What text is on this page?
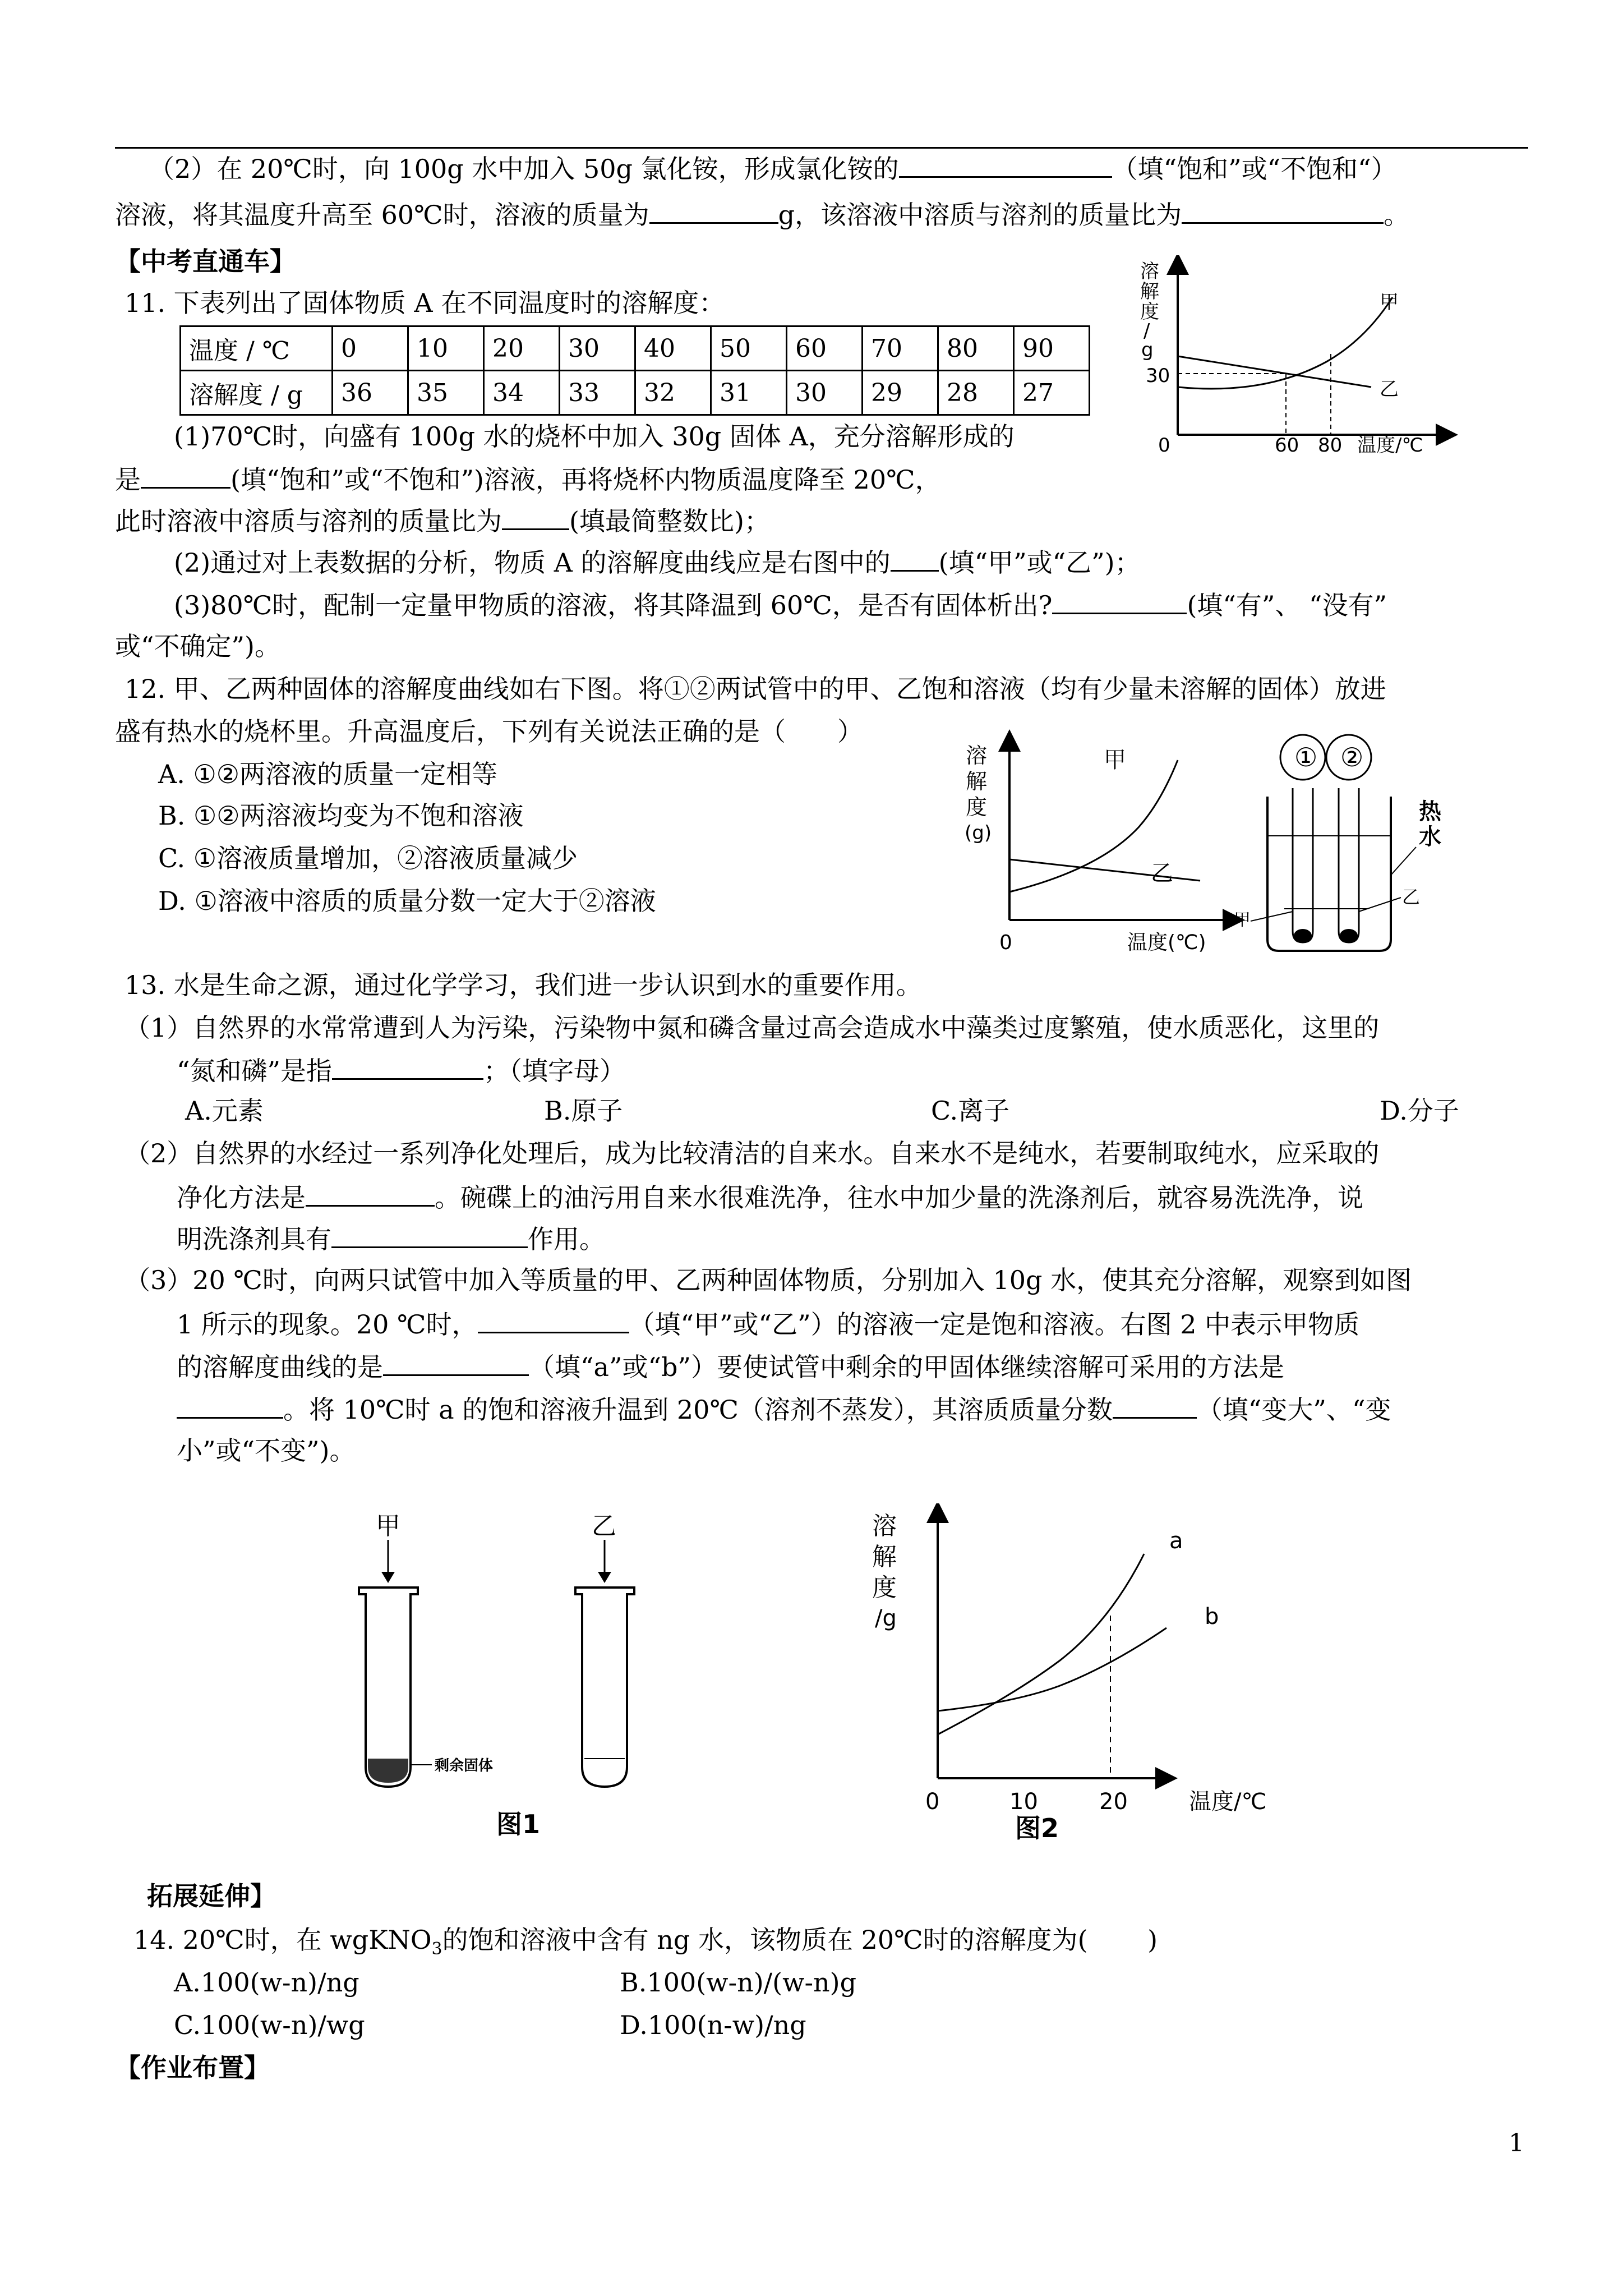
（2）在 20℃时，向 100g 水中加入 50g 氯化铵，形成氯化铵的	（填“饱和”或“不饱和“）
溶液，将其温度升高至 60℃时，溶液的质量为	g，该溶液中溶质与溶剂的质量比为	。
【中考直通车】
11. 下表列出了固体物质 A 在不同温度时的溶解度：
温度 / ℃	0	10	20	30	40	50	60	70	80	90
溶解度 / g	36	35	34	33	32	31	30	29	28	27
(1)70℃时，向盛有 100g 水的烧杯中加入 30g 固体 A，充分溶解形成的
是	(填“饱和”或“不饱和”)溶液，再将烧杯内物质温度降至 20℃，
此时溶液中溶质与溶剂的质量比为	(填最简整数比)；
(2)通过对上表数据的分析，物质 A 的溶解度曲线应是右图中的 (填“甲”或“乙”)；
(3)80℃时，配制一定量甲物质的溶液，将其降温到 60℃，是否有固体析出?	(填“有”、 “没有”
或“不确定”)。
溶
解
度
/
g
30
0	60 80 温度/℃
甲
乙
12. 甲、乙两种固体的溶解度曲线如右下图。将①②两试管中的甲、乙饱和溶液（均有少量未溶解的固体）放进
盛有热水的烧杯里。升高温度后，下列有关说法正确的是（　　）
A. ①②两溶液的质量一定相等
B. ①②两溶液均变为不饱和溶液
C. ①溶液质量增加，②溶液质量减少
D. ①溶液中溶质的质量分数一定大于②溶液
溶
解
度
(g)
0	温度(℃)
甲
乙
① ②
热
水
甲
乙
13. 水是生命之源，通过化学学习，我们进一步认识到水的重要作用。
（1）自然界的水常常遭到人为污染，污染物中氮和磷含量过高会造成水中藻类过度繁殖，使水质恶化，这里的
“氮和磷”是指	；（填字母）
A.元素	B.原子	C.离子	D.分子
（2）自然界的水经过一系列净化处理后，成为比较清洁的自来水。自来水不是纯水，若要制取纯水，应采取的
净化方法是	。碗碟上的油污用自来水很难洗净，往水中加少量的洗涤剂后，就容易洗洗净，说
明洗涤剂具有	作用。
（3）20 ℃时，向两只试管中加入等质量的甲、乙两种固体物质，分别加入 10g 水，使其充分溶解，观察到如图
1 所示的现象。20 ℃时，	（填“甲”或“乙”）的溶液一定是饱和溶液。右图 2 中表示甲物质
的溶解度曲线的是	（填“a”或“b”）要使试管中剩余的甲固体继续溶解可采用的方法是
。将 10℃时 a 的饱和溶液升温到 20℃（溶剂不蒸发），其溶质质量分数	（填“变大”、“变
小”或“不变”)。
甲
剩余固体
乙
图1
溶
解
度
/g
0	10	20	温度/℃
a
b
图2
拓展延伸】
14. 20℃时，在 wgKNO$_3$的饱和溶液中含有 ng 水，该物质在 20℃时的溶解度为(　　 )
A.100(w-n)/ng	B.100(w-n)/(w-n)g
C.100(w-n)/wg	D.100(n-w)/ng
【作业布置】
1
